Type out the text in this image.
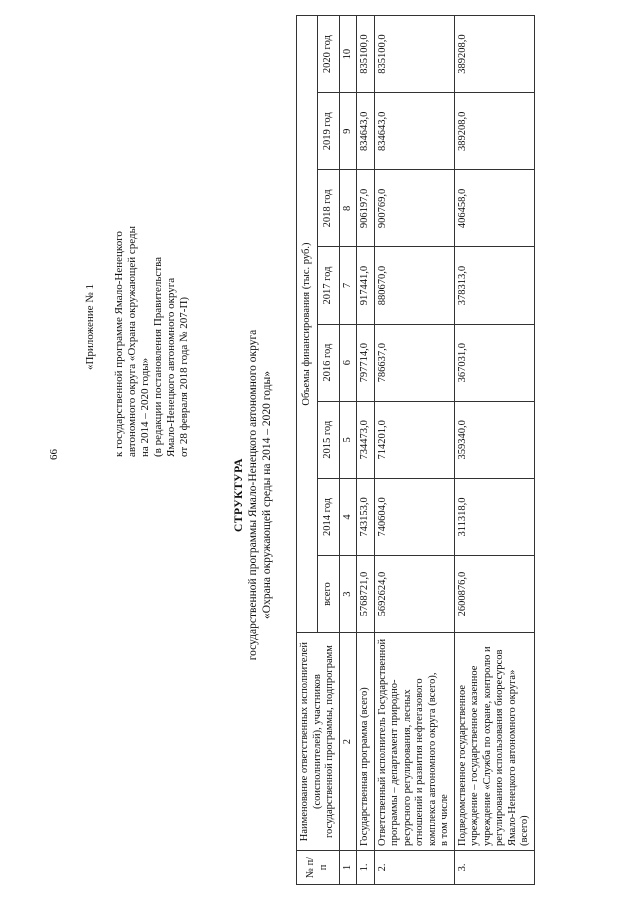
66
«Приложение № 1 к государственной программе Ямало-Ненецкого автономного округа «Охрана окружающей среды на 2014 – 2020 годы» (в редакции постановления Правительства Ямало-Ненецкого автономного округа от 28 февраля 2018 года № 207-П)

СТРУКТУРА государственной программы Ямало-Ненецкого автономного округа «Охрана окружающей среды на 2014 – 2020 годы»
№ п/п	Наименование ответственных исполнителей (соисполнителей), участников государственной программы, подпрограмм	Объемы финансирования (тыс. руб.)							
		всего	2014 год	2015 год	2016 год	2017 год	2018 год	2019 год	2020 год
1	2	3	4	5	6	7	8	9	10
1.	Государственная программа (всего)	5768721,0	743153,0	734473,0	797714,0	917441,0	906197,0	834643,0	835100,0
2.	Ответственный исполнитель Государственной программы – департамент природно-ресурсного регулирования, лесных отношений и развития нефтегазового комплекса автономного округа (всего), в том числе	5692624,0	740604,0	714201,0	786637,0	880670,0	900769,0	834643,0	835100,0
3.	Подведомственное государственное учреждение – государственное казенное учреждение «Служба по охране, контролю и регулированию использования биоресурсов Ямало-Ненецкого автономного округа» (всего)	2600876,0	311318,0	359340,0	367031,0	378313,0	406458,0	389208,0	389208,0
